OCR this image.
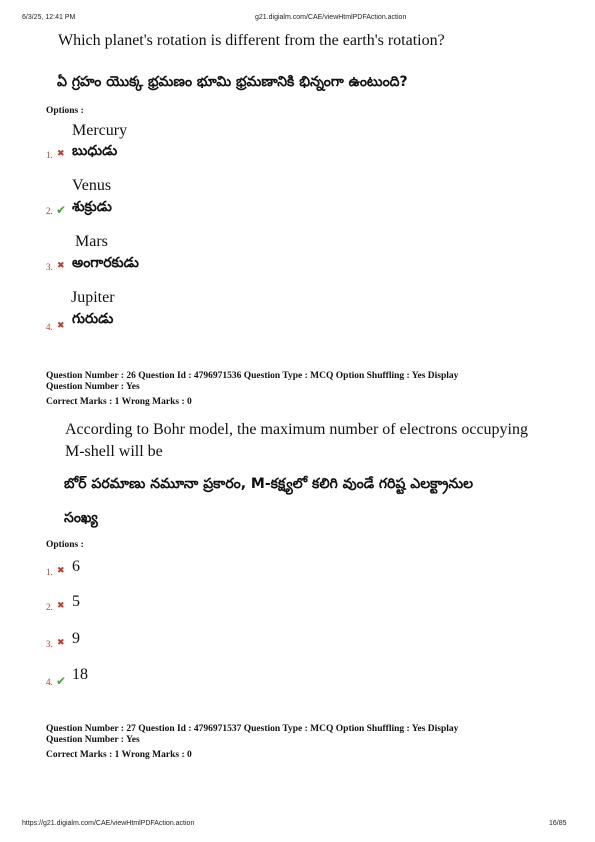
6/3/25, 12:41 PM	g21.digialm.com/CAE/viewHtmlPDFAction.action
Which planet's rotation is different from the earth's rotation?
ఏ గ్రహం యొక్క భ్రమణం భూమి భ్రమణానికి భిన్నంగా ఉంటుంది?
Options :
Mercury
1. ✖ బుధుడు
Venus
2. ✔ శుక్రుడు
Mars
3. ✖ అంగారకుడు
Jupiter
4. ✖ గురుడు
Question Number : 26 Question Id : 4796971536 Question Type : MCQ Option Shuffling : Yes Display
Question Number : Yes
Correct Marks : 1 Wrong Marks : 0
According to Bohr model, the maximum number of electrons occupying
M-shell will be
బోర్ పరమాణు నమూనా ప్రకారం, M-కక్ష్యలో కలిగి వుండే గరిష్ట ఎలక్ట్రానుల
సంఖ్య
Options :
1. ✖ 6
2. ✖ 5
3. ✖ 9
4. ✔ 18
Question Number : 27 Question Id : 4796971537 Question Type : MCQ Option Shuffling : Yes Display
Question Number : Yes
Correct Marks : 1 Wrong Marks : 0
https://g21.digialm.com/CAE/viewHtmlPDFAction.action	16/85
